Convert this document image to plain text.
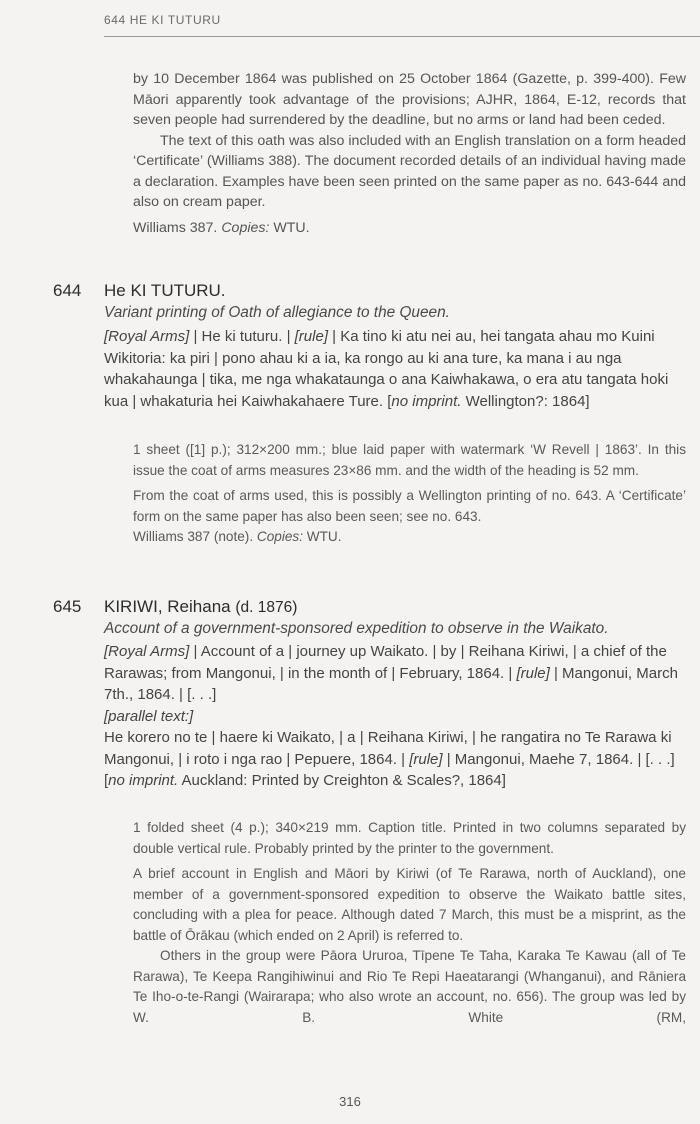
644 HE KI TUTURU

by 10 December 1864 was published on 25 October 1864 (Gazette, p. 399-400). Few Māori apparently took advantage of the provisions; AJHR, 1864, E-12, records that seven people had surrendered by the deadline, but no arms or land had been ceded.

The text of this oath was also included with an English translation on a form headed ‘Certificate’ (Williams 388). The document recorded details of an individual having made a declaration. Examples have been seen printed on the same paper as no. 643-644 and also on cream paper.

Williams 387. Copies: WTU.

644 He KI TUTURU.
Variant printing of Oath of allegiance to the Queen.

[Royal Arms] | He ki tuturu. | [rule] | Ka tino ki atu nei au, hei tangata ahau mo Kuini Wikitoria: ka piri | pono ahau ki a ia, ka rongo au ki ana ture, ka mana i au nga whakahaunga | tika, me nga whakataunga o ana Kaiwhakawa, o era atu tangata hoki kua | whakaturia hei Kaiwhakahaere Ture. [no imprint. Wellington?: 1864]

1 sheet ([1] p.); 312×200 mm.; blue laid paper with watermark ‘W Revell | 1863’. In this issue the coat of arms measures 23×86 mm. and the width of the heading is 52 mm.

From the coat of arms used, this is possibly a Wellington printing of no. 643. A ‘Certificate’ form on the same paper has also been seen; see no. 643.

Williams 387 (note). Copies: WTU.

645 KIRIWI, Reihana (d. 1876)
Account of a government-sponsored expedition to observe in the Waikato.

[Royal Arms] | Account of a | journey up Waikato. | by | Reihana Kiriwi, | a chief of the Rarawas; from Mangonui, | in the month of | February, 1864. | [rule] | Mangonui, March 7th., 1864. | [. . .]

[parallel text:]

He korero no te | haere ki Waikato, | a | Reihana Kiriwi, | he rangatira no Te Rarawa ki Mangonui, | i roto i nga rao | Pepuere, 1864. | [rule] | Mangonui, Maehe 7, 1864. | [. . .] [no imprint. Auckland: Printed by Creighton & Scales?, 1864]

1 folded sheet (4 p.); 340×219 mm. Caption title. Printed in two columns separated by double vertical rule. Probably printed by the printer to the government.

A brief account in English and Māori by Kiriwi (of Te Rarawa, north of Auckland), one member of a government-sponsored expedition to observe the Waikato battle sites, concluding with a plea for peace. Although dated 7 March, this must be a misprint, as the battle of Ōrākau (which ended on 2 April) is referred to.

Others in the group were Pāora Ururoa, Tīpene Te Taha, Karaka Te Kawau (all of Te Rarawa), Te Keepa Rangihiwinui and Rio Te Repi Haeatarangi (Whanganui), and Rāniera Te Iho-o-te-Rangi (Wairarapa; who also wrote an account, no. 656). The group was led by W. B. White (RM,

316
